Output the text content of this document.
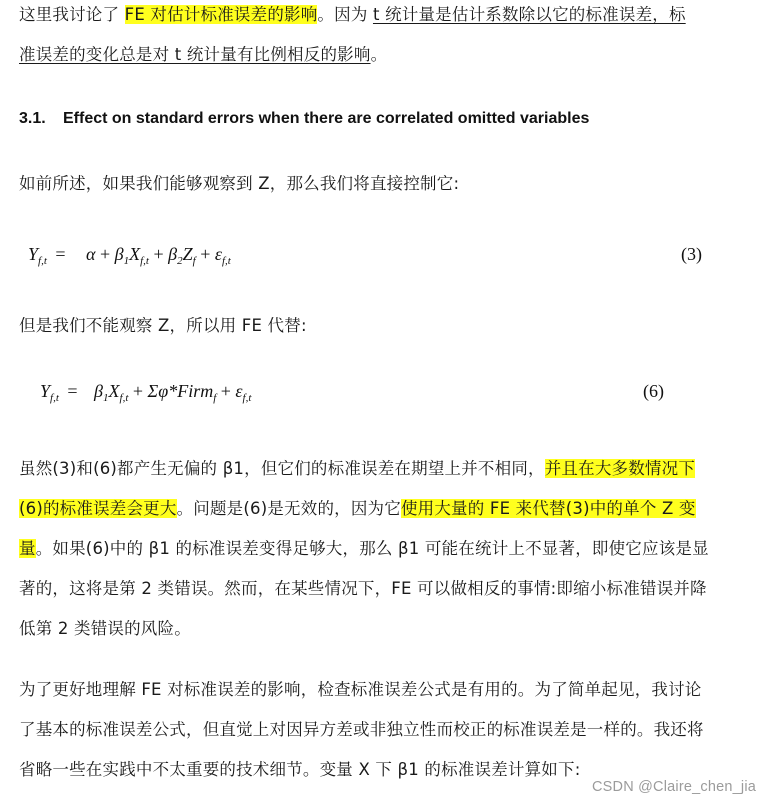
这里我讨论了 FE 对估计标准误差的影响。因为 t 统计量是估计系数除以它的标准误差，标
准误差的变化总是对 t 统计量有比例相反的影响。
3.1. Effect on standard errors when there are correlated omitted variables
如前所述，如果我们能够观察到 Z，那么我们将直接控制它:
$Y_{f,t} = \alpha + \beta_1X_{f,t} + \beta_2Z_f + \varepsilon_{f,t}$	(3)
但是我们不能观察 Z，所以用 FE 代替:
$Y_{f,t} = \beta_1X_{f,t}$ + Σφ*Firm$_f$ + $\varepsilon_{f,t}$	(6)
虽然(3)和(6)都产生无偏的 β1，但它们的标准误差在期望上并不相同，并且在大多数情况下(6)的标准误差会更大。问题是(6)是无效的，因为它使用大量的 FE 来代替(3)中的单个 Z 变量。如果(6)中的 β1 的标准误差变得足够大，那么 β1 可能在统计上不显著，即使它应该是显著的，这将是第 2 类错误。然而，在某些情况下，FE 可以做相反的事情:即缩小标准错误并降低第 2 类错误的风险。
为了更好地理解 FE 对标准误差的影响，检查标准误差公式是有用的。为了简单起见，我讨论了基本的标准误差公式，但直觉上对因异方差或非独立性而校正的标准误差是一样的。我还将省略一些在实践中不太重要的技术细节。变量 X 下 β1 的标准误差计算如下:
CSDN @Claire_chen_jia
